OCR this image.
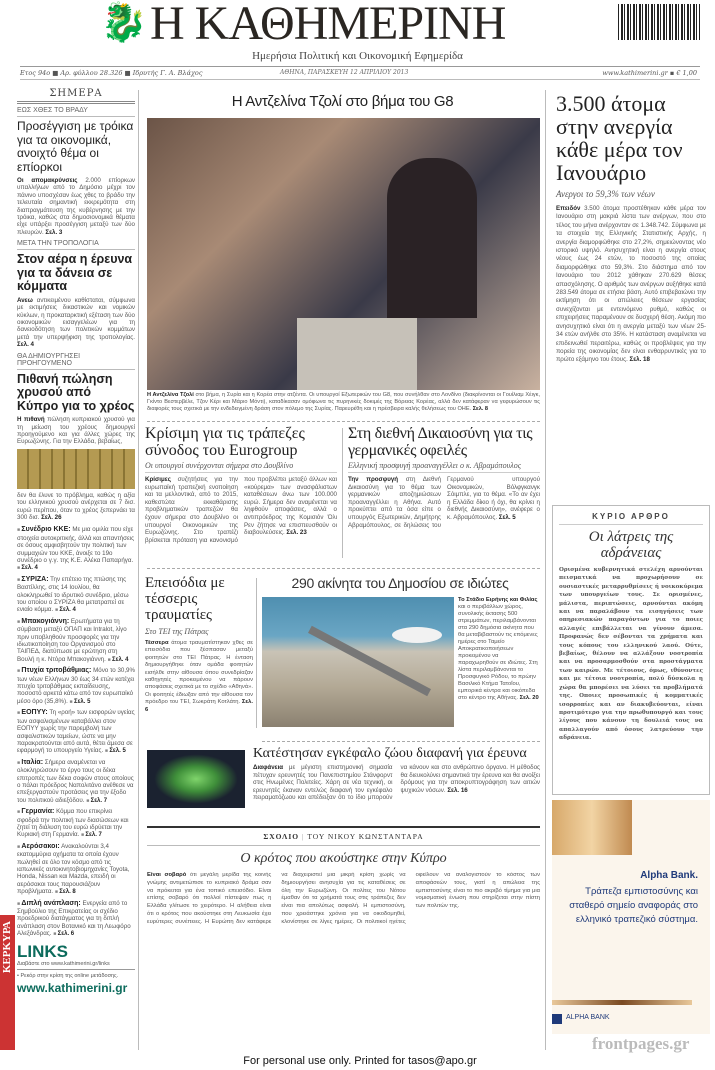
🐉 Η ΚΑΘΗΜΕΡΙΝΗ
Ημερήσια Πολιτική και Οικονομική Εφημερίδα
Ετος 94ο ■ Αρ. φύλλου 28.326 ■ Ιδρυτής Γ. Α. Βλάχος	ΑΘΗΝΑ, ΠΑΡΑΣΚΕΥΗ 12 ΑΠΡΙΛΙΟΥ 2013	www.kathimerini.gr ▪ € 1,00
ΣΗΜΕΡΑ
ΕΩΣ ΧΘΕΣ ΤΟ ΒΡΑΔΥ
Προσέγγιση με τρόικα για τα οικονομικά, ανοιχτό θέμα οι επίορκοι

Οι απομακρύνσεις 2.000 επίορκων υπαλλήλων από το Δημόσιο μέχρι τον πάνινο υποσχέσαν έως χθες το βράδυ την τελευταία σημαντική εκκρεμότητα στη διαπραγμάτευση της κυβέρνησης με την τρόικα, καθώς στα δημοσιονομικά θέματα είχε υπάρξει προσέγγιση μεταξύ των δύο πλευρών. Σελ. 3

ΜΕΤΑ ΤΗΝ ΤΡΟΠΟΛΟΓΙΑ
Στον αέρα η έρευνα για τα δάνεια σε κόμματα

Ανεω αντικειμένου καθίσταται, σύμφωνα με εκτιμήσεις δικαστικών και νομικών κύκλων, η προκαταρκτική εξέταση των δύο οικονομικών εισαγγελέων για τη δανειοδότηση των πολιτικών κομμάτων μετά την υπερψήφιση της τροπολογίας. Σελ. 4

ΘΑ ΔΗΜΙΟΥΡΓΗΣΕΙ ΠΡΟΗΓΟΥΜΕΝΟ
Πιθανή πώληση χρυσού από Κύπρο για το χρέος

Η πιθανή πώληση κυπριακού χρυσού για τη μείωση του χρέους δημιουργεί προηγούμενο και για άλλες χώρες της Ευρωζώνης. Για την Ελλάδα, βεβαίως,

δεν θα έλυνε το πρόβλημα, καθώς η αξία του ελληνικού χρυσού ανέρχεται σε 7 δισ. ευρώ περίπου, όταν το χρέος ξεπερνάει τα 300 δισ. Σελ. 26

■ Συνέδριο ΚΚΕ: Με μια ομιλία που είχε στοιχεία αυτοκριτικής, άλλά και απαντήσεις σε όσους αμφισβητούν την πολιτική των συμμαχιών του ΚΚΕ, άνοιξε το 19ο συνέδριο ο γ.γ. της Κ.Ε. Αλέκα Παπαρήγα. ■ Σελ. 4

■ ΣΥΡΙΖΑ: Την επέτειο της πτώσης της Βαστίλλης, στις 14 Ιουλίου, θα ολοκληρωθεί το ιδρυτικό συνέδριο, μέσω του οποίου ο ΣΥΡΙΖΑ θα μετατραπεί σε ενιαίο κόμμα. ■ Σελ. 4

■ Μπακογιάννη: Ερωτήματα για τη σύμβαση μεταξύ ΟΠΑΠ και Intralot, λίγο πριν υποβληθούν προσφορές για την ιδιωτικοποίηση του Οργανισμού στο ΤΑΙΠΕΔ, διατύπωσε με ερώτηση στη Βουλή η κ. Ντόρα Μπακογιάννη. ■ Σελ. 4

■ Πτυχία τριτοβάθμιας: Μόνο το 30,9% των νέων Ελλήνων 30 έως 34 ετών κατέχει πτυχίο τριτοβάθμιας εκπαίδευσης, ποσοστό αρκετά κάτω από τον ευρωπαϊκό μέσο όρο (35,8%). ■ Σελ. 5

■ ΕΟΠΥΥ: Τη «ροή» των εισφορών υγείας των ασφαλισμένων καταβάλλει στον ΕΟΠΥΥ χωρίς την παρεμβολή των ασφαλιστικών ταμείων, ώστε να μην παρακρατούνται από αυτά, θέτει άμεσα σε εφαρμογή το υπουργείο Υγείας. ■ Σελ. 5

■ Ιταλία: Σήμερα αναμένεται να ολοκληρώσουν το έργο τους οι δέκα επιτροπές των δέκα σοφών στους οποίους ο πάλαι πρόεδρος Ναπολιτάνο ανέθεσε να επεξεργαστούν προτάσεις για την έξοδο του πολιτικού αδιεξόδου. ■ Σελ. 7

■ Γερμανία: Κόμμα που επικρίνει σφοδρά την πολιτική των διασώσεων και ζητεί τη διάλυση του ευρώ ιδρύεται την Κυριακή στη Γερμανία. ■ Σελ. 7

■ Αερόσακοι: Ανακαλούνται 3,4 εκατομμύρια οχήματα τα οποία έχουν πωληθεί σε όλο τον κόσμο από τις ιαπωνικές αυτοκινητοβιομηχανίες Toyota, Honda, Nissan και Mazda, επειδή οι αερόσακοι τους παρουσιάζουν προβλήματα. ■ Σελ. 8

■ Διπλή ανάπλαση: Ενεργεία από το Σημβούλιο της Επικρατείας οι σχέδιο προεδρικού διατάγματος για τη διπλή ανάπλαση στον Βοτανικό και τη Λεωφόρο Αλεξάνδρας. ■ Σελ. 6

LINKS
Διαβάστε στο www.kathimerini.gr/links
• Ρεκόρ στην κρίση της online μετάδοσης.
www.kathimerini.gr
ΚΕΡΚΥΡΑ
Η Αντζελίνα Τζολί στο βήμα του G8

Η Αντζελίνα Τζολί στο βήμα, η Συρία και η Κορέα στην ατζέντα. Οι υπουργοί Εξωτερικών του G8, που συνήλθαν στο Λονδίνο (διακρίνονται οι Γουίλιαμ Χέιγκ, Γκίντο Βεστερβέλε, Τζον Κέρι και Μάριο Μόντι), καταδίκασαν ομόφωνα τις πυρηνικές δοκιμές της Βόρειας Κορέας, αλλά δεν κατάφεραν να γεφυρώσουν τις διαφορές τους σχετικά με την ενδεδειγμένη δράση στον πόλεμο της Συρίας. Παρευρέθη και η πρέσβειρα καλής θελήσεως του ΟΗΕ. Σελ. 8

Κρίσιμη για τις τράπεζες σύνοδος του Eurogroup
Οι υπουργοί συνέρχονται σήμερα στο Δουβλίνο

Κρίσιμες συζητήσεις για την ευρωπαϊκή τραπεζική ενοποίηση και τα μελλοντικά, από το 2015, καθεστώτα εκκαθάρισης προβληματικών τραπεζών θα έχουν σήμερα στο Δουβλίνο οι υπουργοί Οικονομικών της Ευρωζώνης. Στο τραπέζι βρίσκεται πρόταση για κανονισμό που προβλέπει μεταξύ άλλων και «κούρεμα» των ανασφάλιστων καταθέσεων άνω των 100.000 ευρώ. Σήμερα δεν αναμένεται να ληφθούν αποφάσεις, αλλά ο αντιπρόεδρος της Κομισιόν Όλι Ρεν ζήτησε να επισπευσθούν οι διαβουλεύσεις. Σελ. 23

Στη διεθνή Δικαιοσύνη για τις γερμανικές οφειλές
Ελληνική προσφυγή προαναγγέλλει ο κ. Αβραμόπουλος

Την προσφυγή στη Διεθνή Δικαιοσύνη για το θέμα των γερμανικών αποζημιώσεων προαναγγέλλει η Αθήνα. Αυτό προκύπτει από τα όσα είπε ο υπουργός Εξωτερικών, Δημήτρης Αβραμόπουλος, σε δηλώσεις του Γερμανού υπουργού Οικονομικών, Βόλφγκανγκ Σόιμπλε, για το θέμα. «Το αν έχει η Ελλάδα δίκιο ή όχι, θα κρίνει η διεθνής Δικαιοσύνη», ανέφερε ο κ. Αβραμόπουλος. Σελ. 5

Επεισόδια με τέσσερις τραυματίες
Στο ΤΕΙ της Πάτρας

Τέσσερα άτομα τραυματίστηκαν χθες σε επεισόδια που ξέσπασαν μεταξύ φοιτητών στο ΤΕΙ Πάτρας. Η ένταση δημιουργήθηκε όταν ομάδα φοιτητών εισήλθε στην αίθουσα όπου συνεδρίαζαν καθηγητές προκειμένου να πάρουν αποφάσεις σχετικά με το σχέδιο «Αθηνά». Οι φοιτητές έδιωξαν από την αίθουσα τον πρόεδρο του ΤΕΙ, Σωκράτη Κοτλάτη. Σελ. 6

290 ακίνητα του Δημοσίου σε ιδιώτες

Το Στάδιο Ειρήνης και Φιλίας και ο περιβάλλων χώρος, συνολικής έκτασης 500 στρεμμάτων, περιλαμβάνονται στα 290 δημόσια ακίνητα που θα μεταβιβαστούν τις επόμενες ημέρες στο Ταμείο Αποκρατικοποιήσεων προκειμένου να παραχωρηθούν σε ιδιώτες. Στη λίστα περιλαμβάνονται το Προσφυγικό Ρόδου, το πρώην Βασιλικό Κτήμα Τατοΐου, εμπορικά κέντρα και οικόπεδα στο κέντρο της Αθήνας. Σελ. 20

Κατέστησαν εγκέφαλο ζώου διαφανή για έρευνα

Διαφάνεια με μέγιστη επιστημονική σημασία πέτυχαν ερευνητές του Πανεπιστημίου Στάνφορντ στις Ηνωμένες Πολιτείες. Χάρη σε νέα τεχνική, οι ερευνητές έκαναν εντελώς διαφανή τον εγκέφαλο πειραματόζωου και απέδειξαν ότι το ίδιο μπορούν να κάνουν και στο ανθρώπινο όργανο. Η μέθοδος θα διευκολύνει σημαντικά την έρευνα και θα ανοίξει δρόμους για την αποκρυπτογράφηση των αιτιών ψυχικών νόσων. Σελ. 16

ΣΧΟΛΙΟ | ΤΟΥ ΝΙΚΟΥ ΚΩΝΣΤΑΝΤΑΡΑ
Ο κρότος που ακούστηκε στην Κύπρο

Είναι σοβαρό ότι μεγάλη μερίδα της κοινής γνώμης αντιμετώπισε το κυπριακό δράμα σαν να πρόκειται για ένα τοπικό επεισόδιο. Είναι επίσης σοβαρό ότι πολλοί πίστεψαν πως η Ελλάδα γλίτωσε το χειρότερο. Η αλήθεια είναι ότι ο κρότος που ακούστηκε στη Λευκωσία έχει ευρύτερες συνέπειες. Η Ευρώπη δεν κατάφερε να διαχειριστεί μια μικρή κρίση χωρίς να δημιουργήσει ανησυχία για τις καταθέσεις σε όλη την Ευρωζώνη. Οι πολίτες του Νότου έμαθαν ότι τα χρήματά τους στις τράπεζες δεν είναι πια απολύτως ασφαλή. Η εμπιστοσύνη, που χρειάστηκε χρόνια για να οικοδομηθεί, κλονίστηκε σε λίγες ημέρες. Οι πολιτικοί ηγέτες οφείλουν να αναλογιστούν το κόστος των αποφάσεών τους, γιατί η απώλεια της εμπιστοσύνης είναι το πιο ακριβό τίμημα για μια νομισματική ένωση που στηρίζεται στην πίστη των πολιτών της.

3.500 άτομα στην ανεργία κάθε μέρα τον Ιανουάριο
Ανεργοι το 59,3% των νέων

Επειδόν 3.500 άτομα προστέθηκαν κάθε μέρα τον Ιανουάριο στη μακριά λίστα των ανέργων, που στο τέλος του μήνα ανέρχονταν σε 1.348.742. Σύμφωνα με τα στοιχεία της Ελληνικής Στατιστικής Αρχής, η ανεργία διαμορφώθηκε στο 27,2%, σημειώνοντας νέο ιστορικό υψηλό. Ανησυχητική είναι η ανεργία στους νέους έως 24 ετών, το ποσοστό της οποίας διαμορφώθηκε στο 59,3%. Στο διάστημα από τον Ιανουάριο του 2012 χάθηκαν 270.629 θέσεις απασχόλησης. Ο αριθμός των ανέργων αυξήθηκε κατά 283.549 άτομα σε ετήσια βάση. Αυτό επιβεβαιώνει την εκτίμηση ότι οι απώλειες θέσεων εργασίας συνεχίζονται με εντεινόμενο ρυθμό, καθώς οι επιχειρήσεις παραμένουν σε δυσχερή θέση. Ακόμη πιο ανησυχητικό είναι ότι η ανεργία μεταξύ των νέων 25-34 ετών ανήλθε στο 35%. Η κατάσταση αναμένεται να επιδεινωθεί περαιτέρω, καθώς οι προβλέψεις για την πορεία της οικονομίας δεν είναι ενθαρρυντικές για το πρώτο εξάμηνο του έτους. Σελ. 18

ΚΥΡΙΟ ΑΡΘΡΟ
Οι λάτρεις της αδράνειας

Ορισμένα κυβερνητικά στελέχη αρνούνται πεισματικά να προχωρήσουν σε ουσιαστικές μεταρρυθμίσεις ή νοικοκύρεμα των υπουργείων τους. Σε ορισμένες, μάλιστα, περιπτώσεις, αρνούνται ακόμη και να παραλάβουν τα εισηγήσεις των οπηρεσιακών παραγόντων για το ποιες αλλαγές επιβάλλεται να γίνουν άμεσα. Προφανώς δεν σέβονται τα χρήματα και τους κόπους του ελληνικού λαού. Ούτε, βεβαίως, θέλουν να αλλάξουν νοοτροπία και να προσαρμοσθούν στα προστάγματα των καιρών. Με τέτοιους, όμως, ιθύνοντες και με τέτοια νοοτροπία, πολύ δύσκολα η χώρα θα μπορέσει να λύσει τα προβλήματά της. Οποιες προσωπικές ή κομματικές ισορροπίες και αν διακυβεύονται, είναι προτιμότερο για την πρωθυπουργό και τους λίγους που κάνουν τη δουλειά τους να απαλλαγούν από όσους λατρεύουν την αδράνεια.

Alpha Bank.
Τράπεζα εμπιστοσύνης και σταθερό σημείο αναφοράς στο ελληνικό τραπεζικό σύστημα.
ALPHA BANK
frontpages.gr
For personal use only. Printed for tasos@apo.gr
